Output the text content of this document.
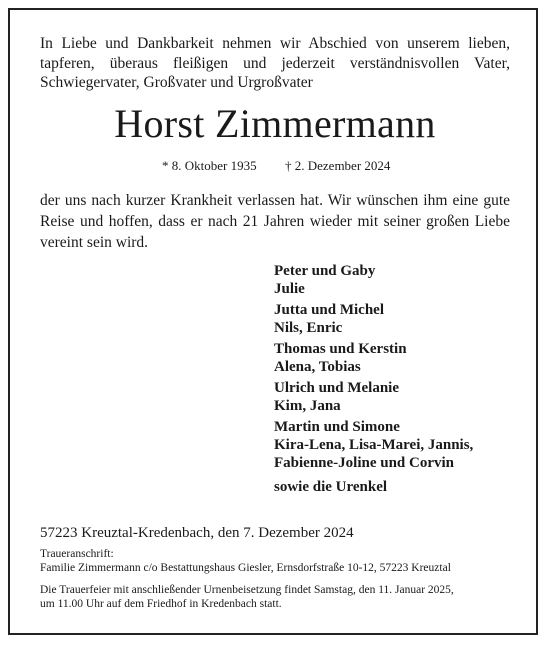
In Liebe und Dankbarkeit nehmen wir Abschied von unserem lieben,
tapferen, überaus fleißigen und jederzeit verständnisvollen Vater,
Schwiegervater, Großvater und Urgroßvater
Horst Zimmermann
* 8. Oktober 1935 † 2. Dezember 2024
der uns nach kurzer Krankheit verlassen hat. Wir wünschen ihm eine gute
Reise und hoffen, dass er nach 21 Jahren wieder mit seiner großen Liebe
vereint sein wird.
Peter und Gaby
Julie
Jutta und Michel
Nils, Enric
Thomas und Kerstin
Alena, Tobias
Ulrich und Melanie
Kim, Jana
Martin und Simone
Kira-Lena, Lisa-Marei, Jannis,
Fabienne-Joline und Corvin
sowie die Urenkel
57223 Kreuztal-Kredenbach, den 7. Dezember 2024
Traueranschrift:
Familie Zimmermann c/o Bestattungshaus Giesler, Ernsdorfstraße 10-12, 57223 Kreuztal
Die Trauerfeier mit anschließender Urnenbeisetzung findet Samstag, den 11. Januar 2025,
um 11.00 Uhr auf dem Friedhof in Kredenbach statt.
